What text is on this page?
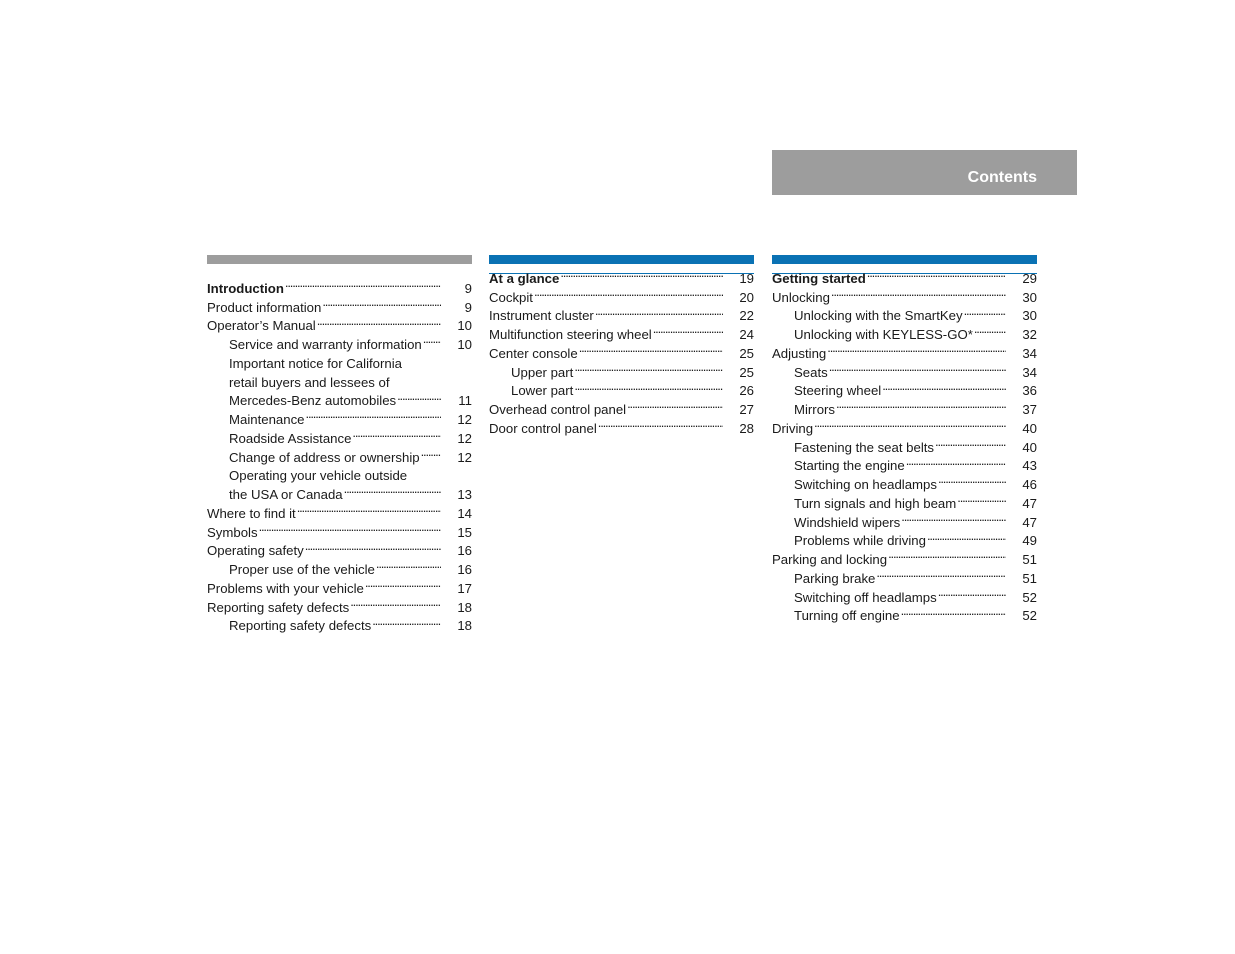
Contents
Introduction . . .	9
Product information . . .	9
Operator’s Manual . . .	10
Service and warranty information . . .	10
Important notice for California
retail buyers and lessees of
Mercedes-Benz automobiles . . .	11
Maintenance . . .	12
Roadside Assistance . . .	12
Change of address or ownership . . .	12
Operating your vehicle outside
the USA or Canada . . .	13
Where to find it . . .	14
Symbols . . .	15
Operating safety . . .	16
Proper use of the vehicle . . .	16
Problems with your vehicle . . .	17
Reporting safety defects . . .	18
Reporting safety defects . . .	18
At a glance . . .	19
Cockpit . . .	20
Instrument cluster . . .	22
Multifunction steering wheel . . .	24
Center console . . .	25
Upper part . . .	25
Lower part . . .	26
Overhead control panel . . .	27
Door control panel . . .	28
Getting started . . .	29
Unlocking . . .	30
Unlocking with the SmartKey . . .	30
Unlocking with KEYLESS-GO* . . .	32
Adjusting . . .	34
Seats . . .	34
Steering wheel . . .	36
Mirrors . . .	37
Driving . . .	40
Fastening the seat belts . . .	40
Starting the engine . . .	43
Switching on headlamps . . .	46
Turn signals and high beam . . .	47
Windshield wipers . . .	47
Problems while driving . . .	49
Parking and locking . . .	51
Parking brake . . .	51
Switching off headlamps . . .	52
Turning off engine . . .	52
